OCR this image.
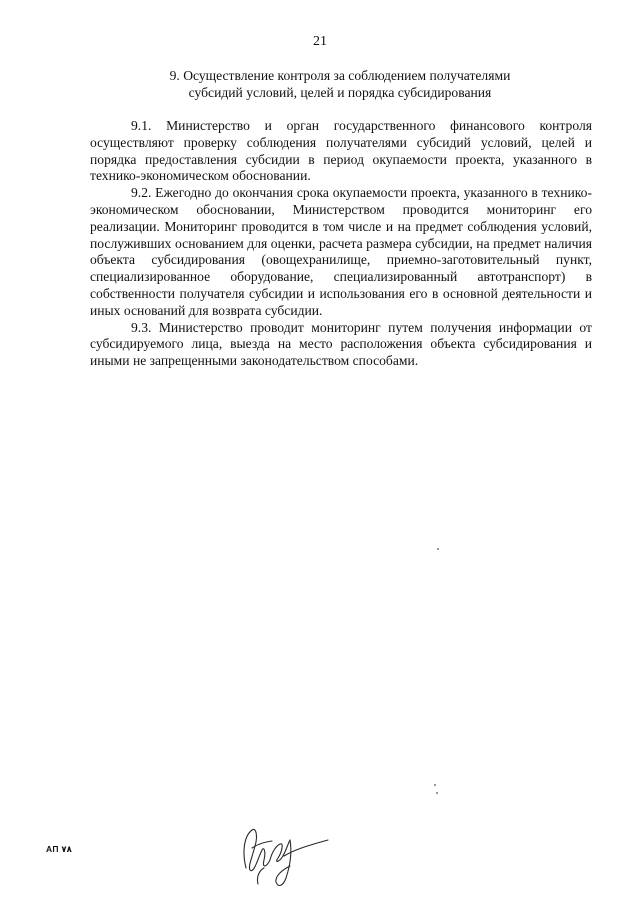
21
9. Осуществление контроля за соблюдением получателями
субсидий условий, целей и порядка субсидирования

9.1. Министерство и орган государственного финансового контроля осуществляют проверку соблюдения получателями субсидий условий, целей и порядка предоставления субсидии в период окупаемости проекта, указанного в технико-экономическом обосновании.

9.2. Ежегодно до окончания срока окупаемости проекта, указанного в технико-экономическом обосновании, Министерством проводится мониторинг его реализации. Мониторинг проводится в том числе и на предмет соблюдения условий, послуживших основанием для оценки, расчета размера субсидии, на предмет наличия объекта субсидирования (овощехранилище, приемно-заготовительный пункт, специализированное оборудование, специализированный автотранспорт) в собственности получателя субсидии и использования его в основной деятельности и иных оснований для возврата субсидии.

9.3. Министерство проводит мониторинг путем получения информации от субсидируемого лица, выезда на место расположения объекта субсидирования и иными не запрещенными законодательством способами.

АП ٧٨
